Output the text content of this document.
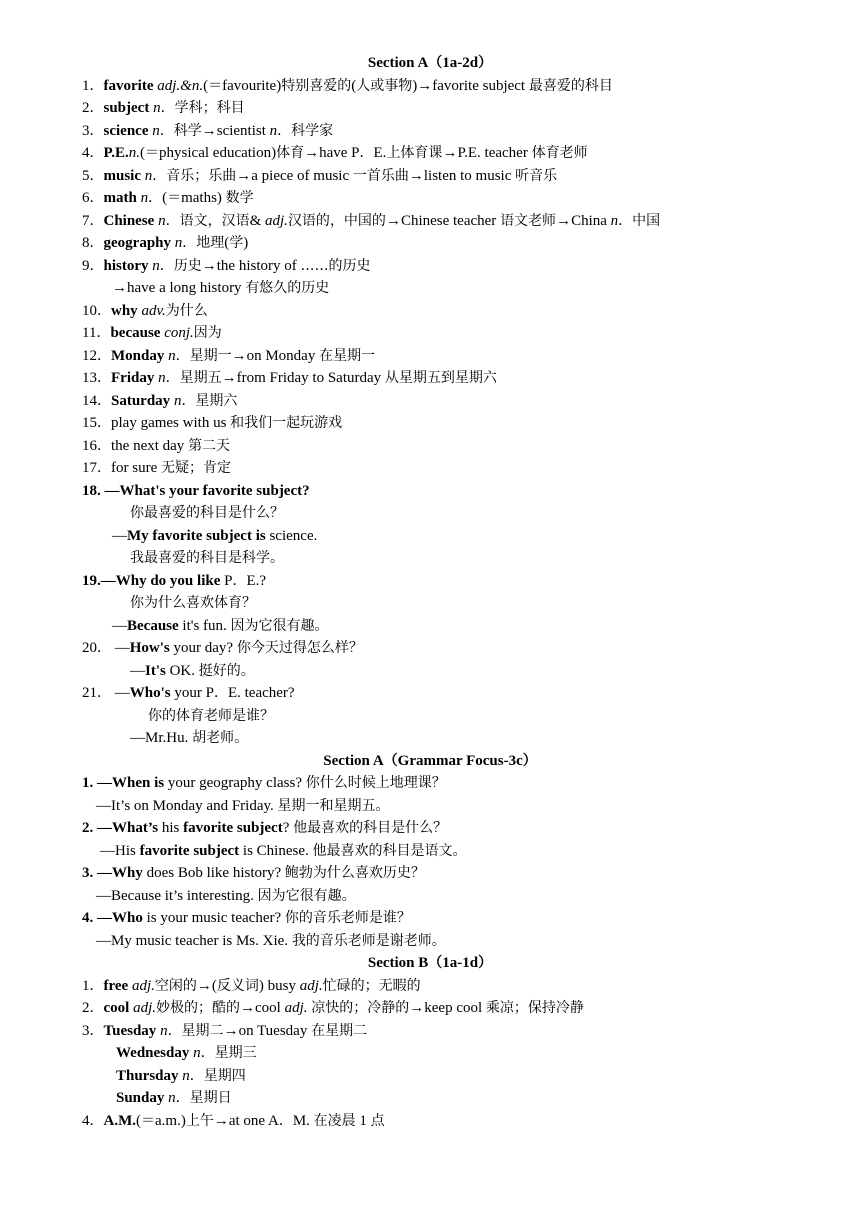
Section A（1a-2d）
1．favorite adj.&n.(＝favourite)特别喜爱的(人或事物)→favorite subject 最喜爱的科目
2．subject n．学科；科目
3．science n．科学→scientist n．科学家
4．P.E.n.(＝physical education)体育→have P．E.上体育课→P.E. teacher 体育老师
5．music n．音乐；乐曲→a piece of music 一首乐曲→listen to music 听音乐
6．math n．(＝maths) 数学
7．Chinese n．语文，汉语& adj.汉语的，中国的→Chinese teacher 语文老师→China n．中国
8．geography n．地理(学)
9．history n．历史→the history of ……的历史
→have a long history 有悠久的历史
10．why adv.为什么
11．because conj.因为
12．Monday n．星期一→on Monday 在星期一
13．Friday n．星期五→from Friday to Saturday 从星期五到星期六
14．Saturday n．星期六
15．play games with us 和我们一起玩游戏
16．the next day 第二天
17．for sure 无疑；肯定
18. —What's your favorite subject?
你最喜爱的科目是什么？
—My favorite subject is science.
我最喜爱的科目是科学。
19.—Why do you like P．E.?
你为什么喜欢体育？
—Because it's fun. 因为它很有趣。
20． —How's your day? 你今天过得怎么样？
—It's OK. 挺好的。
21． —Who's your P．E. teacher?
你的体育老师是谁？
—Mr.Hu. 胡老师。
Section A（Grammar Focus-3c）
1. —When is your geography class? 你什么时候上地理课？
—It’s on Monday and Friday. 星期一和星期五。
2. —What’s his favorite subject? 他最喜欢的科目是什么？
—His favorite subject is Chinese. 他最喜欢的科目是语文。
3. —Why does Bob like history? 鲍勃为什么喜欢历史？
—Because it’s interesting. 因为它很有趣。
4. —Who is your music teacher? 你的音乐老师是谁？
—My music teacher is Ms. Xie. 我的音乐老师是谢老师。
Section B（1a-1d）
1．free adj.空闲的→(反义词) busy adj.忙碌的；无暇的
2．cool adj.妙极的；酷的→cool adj. 凉快的；冷静的→keep cool 乘凉；保持冷静
3．Tuesday n．星期二→on Tuesday 在星期二
Wednesday n．星期三
Thursday n．星期四
Sunday n．星期日
4．A.M.(＝a.m.)上午→at one A．M. 在凌晨 1 点
